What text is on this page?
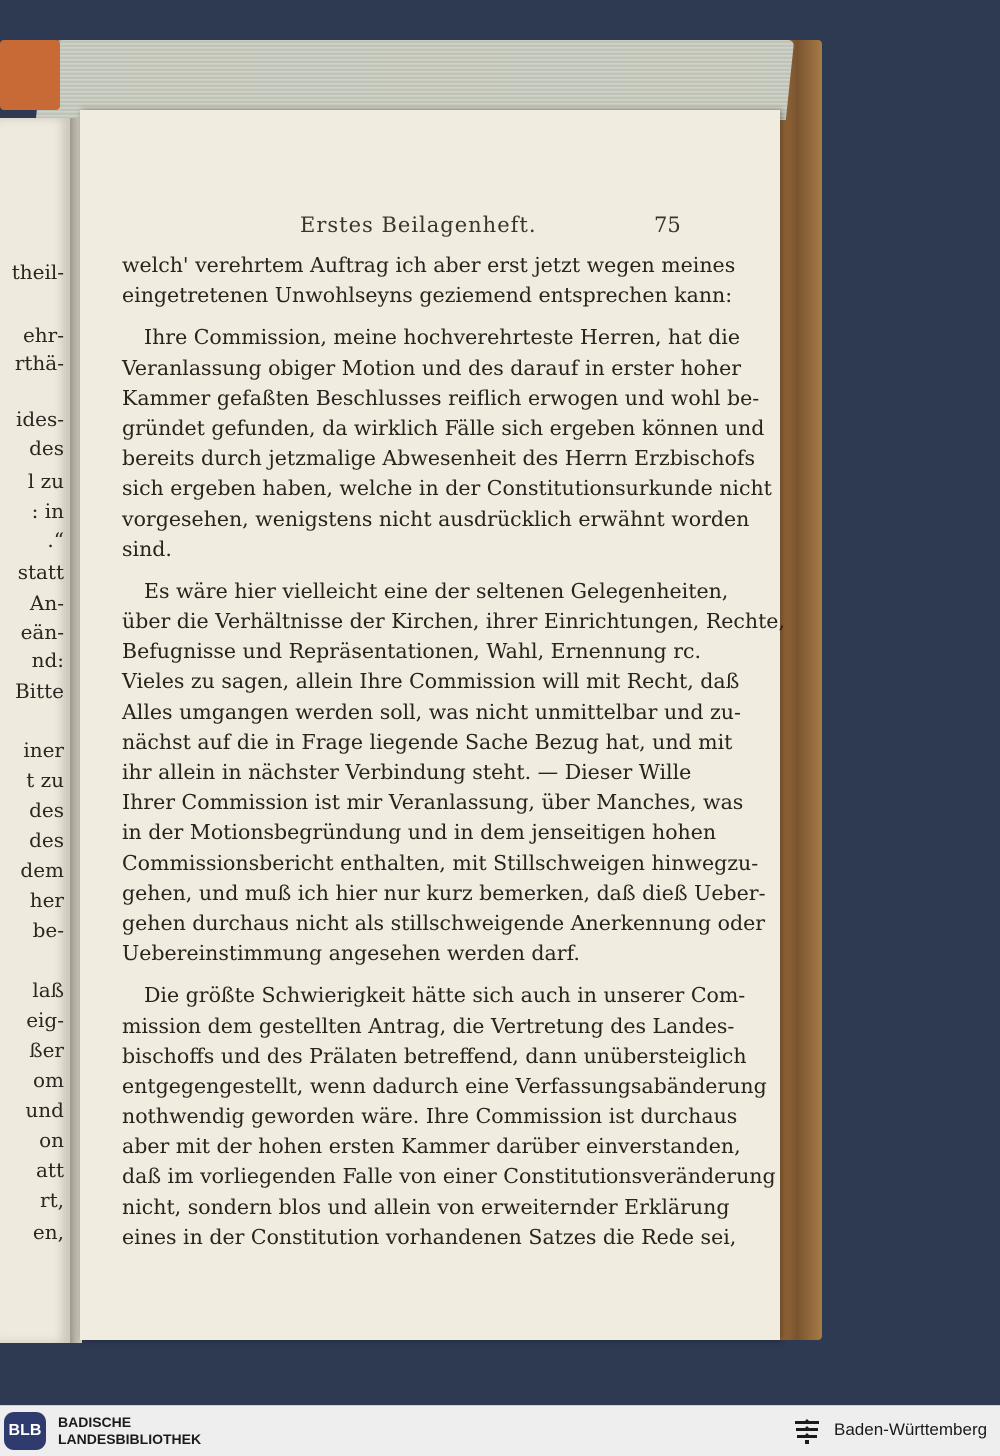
theil-
ehr-
rthä-
ides-
des
l zu
: in
.“
statt
An-
eän-
nd:
Bitte
iner
t zu
des
des
dem
her
be-
laß
eig-
ßer
om
und
on
att
rt,
en,
Erstes Beilagenheft.	75
welch' verehrtem Auftrag ich aber erst jetzt wegen meines
eingetretenen Unwohlseyns geziemend entsprechen kann:
Ihre Commission, meine hochverehrteste Herren, hat die
Veranlassung obiger Motion und des darauf in erster hoher
Kammer gefaßten Beschlusses reiflich erwogen und wohl be-
gründet gefunden, da wirklich Fälle sich ergeben können und
bereits durch jetzmalige Abwesenheit des Herrn Erzbischofs
sich ergeben haben, welche in der Constitutionsurkunde nicht
vorgesehen, wenigstens nicht ausdrücklich erwähnt worden
sind.
Es wäre hier vielleicht eine der seltenen Gelegenheiten,
über die Verhältnisse der Kirchen, ihrer Einrichtungen, Rechte,
Befugnisse und Repräsentationen, Wahl, Ernennung rc.
Vieles zu sagen, allein Ihre Commission will mit Recht, daß
Alles umgangen werden soll, was nicht unmittelbar und zu-
nächst auf die in Frage liegende Sache Bezug hat, und mit
ihr allein in nächster Verbindung steht. — Dieser Wille
Ihrer Commission ist mir Veranlassung, über Manches, was
in der Motionsbegründung und in dem jenseitigen hohen
Commissionsbericht enthalten, mit Stillschweigen hinwegzu-
gehen, und muß ich hier nur kurz bemerken, daß dieß Ueber-
gehen durchaus nicht als stillschweigende Anerkennung oder
Uebereinstimmung angesehen werden darf.
Die größte Schwierigkeit hätte sich auch in unserer Com-
mission dem gestellten Antrag, die Vertretung des Landes-
bischoffs und des Prälaten betreffend, dann unübersteiglich
entgegengestellt, wenn dadurch eine Verfassungsabänderung
nothwendig geworden wäre. Ihre Commission ist durchaus
aber mit der hohen ersten Kammer darüber einverstanden,
daß im vorliegenden Falle von einer Constitutionsveränderung
nicht, sondern blos und allein von erweiternder Erklärung
eines in der Constitution vorhandenen Satzes die Rede sei,
BLB	BADISCHE
LANDESBIBLIOTHEK	Baden-Württemberg
